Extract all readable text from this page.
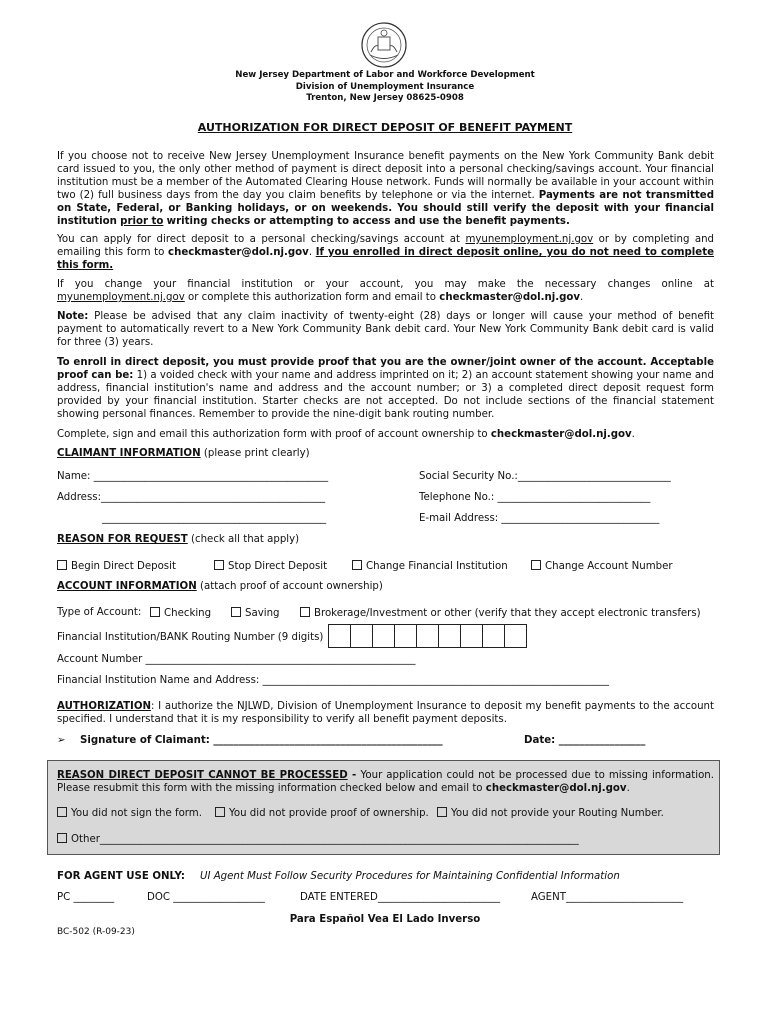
New Jersey Department of Labor and Workforce Development
Division of Unemployment Insurance
Trenton, New Jersey 08625-0908
AUTHORIZATION FOR DIRECT DEPOSIT OF BENEFIT PAYMENT
If you choose not to receive New Jersey Unemployment Insurance benefit payments on the New York Community Bank debit card issued to you, the only other method of payment is direct deposit into a personal checking/savings account. Your financial institution must be a member of the Automated Clearing House network. Funds will normally be available in your account within two (2) full business days from the day you claim benefits by telephone or via the internet. Payments are not transmitted on State, Federal, or Banking holidays, or on weekends. You should still verify the deposit with your financial institution prior to writing checks or attempting to access and use the benefit payments.
You can apply for direct deposit to a personal checking/savings account at myunemployment.nj.gov or by completing and emailing this form to checkmaster@dol.nj.gov. If you enrolled in direct deposit online, you do not need to complete this form.
If you change your financial institution or your account, you may make the necessary changes online at myunemployment.nj.gov or complete this authorization form and email to checkmaster@dol.nj.gov.
Note: Please be advised that any claim inactivity of twenty-eight (28) days or longer will cause your method of benefit payment to automatically revert to a New York Community Bank debit card. Your New York Community Bank debit card is valid for three (3) years.
To enroll in direct deposit, you must provide proof that you are the owner/joint owner of the account. Acceptable proof can be: 1) a voided check with your name and address imprinted on it; 2) an account statement showing your name and address, financial institution's name and address and the account number; or 3) a completed direct deposit request form provided by your financial institution. Starter checks are not accepted. Do not include sections of the financial statement showing personal finances. Remember to provide the nine-digit bank routing number.
Complete, sign and email this authorization form with proof of account ownership to checkmaster@dol.nj.gov.
CLAIMANT INFORMATION (please print clearly)
Name: ______________________________________________	Social Security No.:______________________________
Address:____________________________________________	Telephone No.: ______________________________
____________________________________________	E-mail Address: _______________________________
REASON FOR REQUEST (check all that apply)
Begin Direct Deposit	Stop Direct Deposit	Change Financial Institution	Change Account Number
ACCOUNT INFORMATION (attach proof of account ownership)
Type of Account:	Checking	Saving	Brokerage/Investment or other (verify that they accept electronic transfers)
Financial Institution/BANK Routing Number (9 digits)
Account Number _____________________________________________________
Financial Institution Name and Address: ____________________________________________________________________
AUTHORIZATION: I authorize the NJLWD, Division of Unemployment Insurance to deposit my benefit payments to the account specified. I understand that it is my responsibility to verify all benefit payment deposits.
➢ Signature of Claimant: _____________________________________________	Date: _________________
REASON DIRECT DEPOSIT CANNOT BE PROCESSED - Your application could not be processed due to missing information. Please resubmit this form with the missing information checked below and email to checkmaster@dol.nj.gov.
You did not sign the form.	You did not provide proof of ownership.	You did not provide your Routing Number.
Other______________________________________________________________________________________________
FOR AGENT USE ONLY: UI Agent Must Follow Security Procedures for Maintaining Confidential Information
PC ________	DOC __________________	DATE ENTERED________________________	AGENT_______________________
Para Español Vea El Lado Inverso
BC-502 (R-09-23)
